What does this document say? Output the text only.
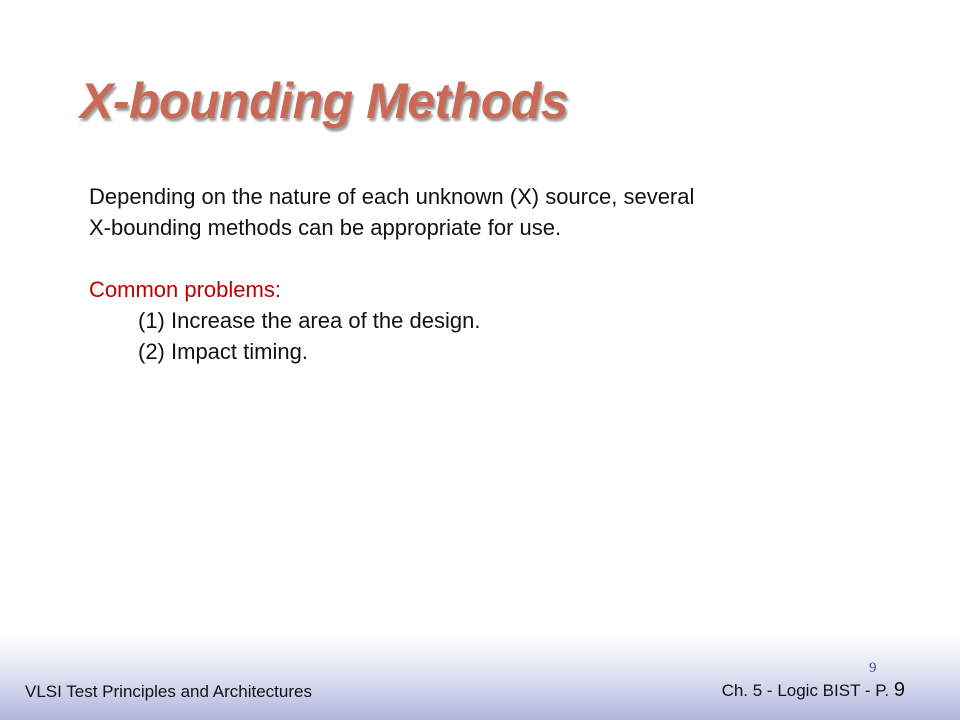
X-bounding Methods
Depending on the nature of each unknown (X) source, several
X-bounding methods can be appropriate for use.
Common problems:
(1) Increase the area of the design.
(2) Impact timing.
9
VLSI Test Principles and Architectures	Ch. 5 - Logic BIST - P. 9
